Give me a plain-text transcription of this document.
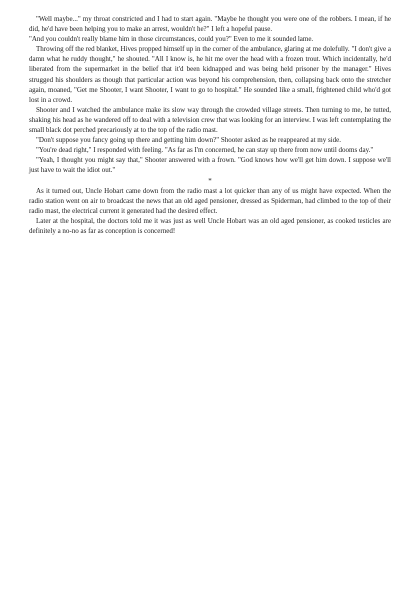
"Well maybe..." my throat constricted and I had to start again. "Maybe he thought you were one of the robbers. I mean, if he did, he'd have been helping you to make an arrest, wouldn't he?" I left a hopeful pause.

"And you couldn't really blame him in those circumstances, could you?" Even to me it sounded lame.

Throwing off the red blanket, Hives propped himself up in the corner of the ambulance, glaring at me dolefully. "I don't give a damn what he ruddy thought," he shouted. "All I know is, he hit me over the head with a frozen trout. Which incidentally, he'd liberated from the supermarket in the belief that it'd been kidnapped and was being held prisoner by the manager." Hives strugged his shoulders as though that particular action was beyond his comprehension, then, collapsing back onto the stretcher again, moaned, "Get me Shooter, I want Shooter, I want to go to hospital." He sounded like a small, frightened child who'd got lost in a crowd.

Shooter and I watched the ambulance make its slow way through the crowded village streets. Then turning to me, he tutted, shaking his head as he wandered off to deal with a television crew that was looking for an interview. I was left contemplating the small black dot perched precariously at to the top of the radio mast.

"Don't suppose you fancy going up there and getting him down?" Shooter asked as he reappeared at my side.

"You're dead right," I responded with feeling. "As far as I'm concerned, he can stay up there from now until dooms day."

"Yeah, I thought you might say that," Shooter answered with a frown. "God knows how we'll get him down. I suppose we'll just have to wait the idiot out."

*

As it turned out, Uncle Hobart came down from the radio mast a lot quicker than any of us might have expected. When the radio station went on air to broadcast the news that an old aged pensioner, dressed as Spiderman, had climbed to the top of their radio mast, the electrical current it generated had the desired effect.

Later at the hospital, the doctors told me it was just as well Uncle Hobart was an old aged pensioner, as cooked testicles are definitely a no-no as far as conception is concerned!
